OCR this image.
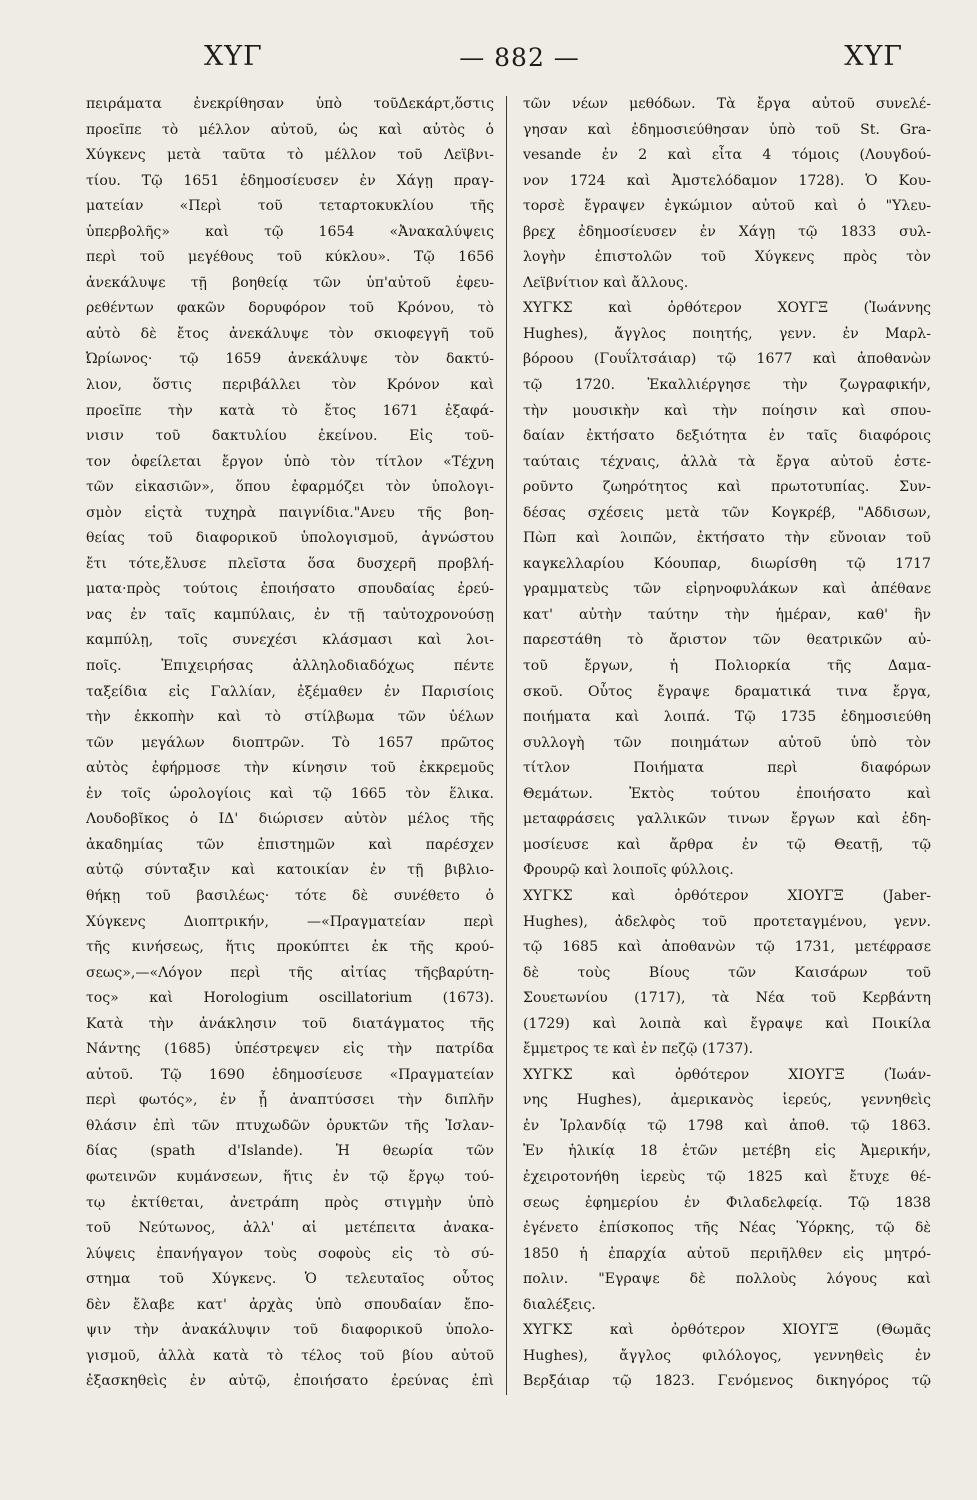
ΧΥΓ	— 882 —	ΧΥΓ
πειράματα ἐνεκρίθησαν ὑπὸ τοῦΔεκάρτ,ὅστις
προεῖπε τὸ μέλλον αὐτοῦ, ὡς καὶ αὐτὸς ὁ
Χύγκενς μετὰ ταῦτα τὸ μέλλον τοῦ Λεϊβνι-
τίου. Τῷ 1651 ἐδημοσίευσεν ἐν Χάγῃ πραγ-
ματείαν «Περὶ τοῦ τεταρτοκυκλίου τῆς
ὑπερβολῆς» καὶ τῷ 1654 «Ἀνακαλύψεις
περὶ τοῦ μεγέθους τοῦ κύκλου». Τῷ 1656
ἀνεκάλυψε τῇ βοηθείᾳ τῶν ὑπ'αὐτοῦ ἐφευ-
ρεθέντων φακῶν δορυφόρον τοῦ Κρόνου, τὸ
αὐτὸ δὲ ἔτος ἀνεκάλυψε τὸν σκιοφεγγῆ τοῦ
Ὠρίωνος· τῷ 1659 ἀνεκάλυψε τὸν δακτύ-
λιον, ὅστις περιβάλλει τὸν Κρόνον καὶ
προεῖπε τὴν κατὰ τὸ ἔτος 1671 ἐξαφά-
νισιν τοῦ δακτυλίου ἐκείνου. Εἰς τοῦ-
τον ὀφείλεται ἔργον ὑπὸ τὸν τίτλον «Τέχνη
τῶν εἰκασιῶν», ὅπου ἐφαρμόζει τὸν ὑπολογι-
σμὸν εἰςτὰ τυχηρὰ παιγνίδια."Ανευ τῆς βοη-
θείας τοῦ διαφορικοῦ ὑπολογισμοῦ, ἀγνώστου
ἔτι τότε,ἔλυσε πλεῖστα ὅσα δυσχερῆ προβλή-
ματα·πρὸς τούτοις ἐποιήσατο σπουδαίας ἐρεύ-
νας ἐν ταῖς καμπύλαις, ἐν τῇ ταὐτοχρονούσῃ
καμπύλῃ, τοῖς συνεχέσι κλάσμασι καὶ λοι-
ποῖς. Ἐπιχειρήσας ἀλληλοδιαδόχως πέντε
ταξείδια εἰς Γαλλίαν, ἐξέμαθεν ἐν Παρισίοις
τὴν ἐκκοπὴν καὶ τὸ στίλβωμα τῶν ὑέλων
τῶν μεγάλων διοπτρῶν. Τὸ 1657 πρῶτος
αὐτὸς ἐφήρμοσε τὴν κίνησιν τοῦ ἐκκρεμοῦς
ἐν τοῖς ὡρολογίοις καὶ τῷ 1665 τὸν ἕλικα.
Λουδοβῖκος ὁ ΙΔ' διώρισεν αὐτὸν μέλος τῆς
ἀκαδημίας τῶν ἐπιστημῶν καὶ παρέσχεν
αὐτῷ σύνταξιν καὶ κατοικίαν ἐν τῇ βιβλιο-
θήκῃ τοῦ βασιλέως· τότε δὲ συνέθετο ὁ
Χύγκενς Διοπτρικήν, —«Πραγματείαν περὶ
τῆς κινήσεως, ἥτις προκύπτει ἐκ τῆς κρού-
σεως»,—«Λόγον περὶ τῆς αἰτίας τῆςβαρύτη-
τος» καὶ Horologium oscillatorium (1673).
Κατὰ τὴν ἀνάκλησιν τοῦ διατάγματος τῆς
Νάντης (1685) ὑπέστρεψεν εἰς τὴν πατρίδα
αὐτοῦ. Τῷ 1690 ἐδημοσίευσε «Πραγματείαν
περὶ φωτός», ἐν ᾗ ἀναπτύσσει τὴν διπλῆν
θλάσιν ἐπὶ τῶν πτυχωδῶν ὀρυκτῶν τῆς Ἰσλαν-
δίας (spath d'Islande). Ἡ θεωρία τῶν
φωτεινῶν κυμάνσεων, ἥτις ἐν τῷ ἔργῳ τού-
τῳ ἐκτίθεται, ἀνετράπη πρὸς στιγμὴν ὑπὸ
τοῦ Νεύτωνος, ἀλλ' αἱ μετέπειτα ἀνακα-
λύψεις ἐπανήγαγον τοὺς σοφοὺς εἰς τὸ σύ-
στημα τοῦ Χύγκενς. Ὁ τελευταῖος οὗτος
δὲν ἔλαβε κατ' ἀρχὰς ὑπὸ σπουδαίαν ἔπο-
ψιν τὴν ἀνακάλυψιν τοῦ διαφορικοῦ ὑπολο-
γισμοῦ, ἀλλὰ κατὰ τὸ τέλος τοῦ βίου αὐτοῦ
ἐξασκηθεὶς ἐν αὐτῷ, ἐποιήσατο ἐρεύνας ἐπὶ
τῶν νέων μεθόδων. Τὰ ἔργα αὐτοῦ συνελέ-
γησαν καὶ ἐδημοσιεύθησαν ὑπὸ τοῦ St. Gra-
vesande ἐν 2 καὶ εἶτα 4 τόμοις (Λουγδού-
νον 1724 καὶ Ἀμστελόδαμον 1728). Ὁ Κου-
τορσὲ ἔγραψεν ἐγκώμιον αὐτοῦ καὶ ὁ "Υλευ-
βρεχ ἐδημοσίευσεν ἐν Χάγῃ τῷ 1833 συλ-
λογὴν ἐπιστολῶν τοῦ Χύγκενς πρὸς τὸν
Λεϊβνίτιον καὶ ἄλλους.
ΧΥΓΚΣ καὶ ὀρθότερον ΧΟΥΓΞ (Ἰωάννης
Hughes), ἄγγλος ποιητής, γενν. ἐν Μαρλ-
βόροου (Γουΐλτσάιαρ) τῷ 1677 καὶ ἀποθανὼν
τῷ 1720. Ἐκαλλιέργησε τὴν ζωγραφικήν,
τὴν μουσικὴν καὶ τὴν ποίησιν καὶ σπου-
δαίαν ἐκτήσατο δεξιότητα ἐν ταῖς διαφόροις
ταύταις τέχναις, ἀλλὰ τὰ ἔργα αὐτοῦ ἐστε-
ροῦντο ζωηρότητος καὶ πρωτοτυπίας. Συν-
δέσας σχέσεις μετὰ τῶν Κογκρέβ, "Αδδισων,
Πὼπ καὶ λοιπῶν, ἐκτήσατο τὴν εὔνοιαν τοῦ
καγκελλαρίου Κόουπαρ, διωρίσθη τῷ 1717
γραμματεὺς τῶν εἰρηνοφυλάκων καὶ ἀπέθανε
κατ' αὐτὴν ταύτην τὴν ἡμέραν, καθ' ἣν
παρεστάθη τὸ ἄριστον τῶν θεατρικῶν αὐ-
τοῦ ἔργων, ἡ Πολιορκία τῆς Δαμα-
σκοῦ. Οὗτος ἔγραψε δραματικά τινα ἔργα,
ποιήματα καὶ λοιπά. Τῷ 1735 ἐδημοσιεύθη
συλλογὴ τῶν ποιημάτων αὐτοῦ ὑπὸ τὸν
τίτλον Ποιήματα περὶ διαφόρων
Θεμάτων. Ἐκτὸς τούτου ἐποιήσατο καὶ
μεταφράσεις γαλλικῶν τινων ἔργων καὶ ἐδη-
μοσίευσε καὶ ἄρθρα ἐν τῷ Θεατῇ, τῷ
Φρουρῷ καὶ λοιποῖς φύλλοις.
ΧΥΓΚΣ καὶ ὀρθότερον ΧΙΟΥΓΞ (Jaber-
Hughes), ἀδελφὸς τοῦ προτεταγμένου, γενν.
τῷ 1685 καὶ ἀποθανὼν τῷ 1731, μετέφρασε
δὲ τοὺς Βίους τῶν Καισάρων τοῦ
Σουετωνίου (1717), τὰ Νέα τοῦ Κερβάντη
(1729) καὶ λοιπὰ καὶ ἔγραψε καὶ Ποικίλα
ἔμμετρος τε καὶ ἐν πεζῷ (1737).
ΧΥΓΚΣ καὶ ὀρθότερον ΧΙΟΥΓΞ (Ἰωάν-
νης Hughes), ἀμερικανὸς ἱερεύς, γεννηθεὶς
ἐν Ἰρλανδίᾳ τῷ 1798 καὶ ἀποθ. τῷ 1863.
Ἐν ἡλικίᾳ 18 ἐτῶν μετέβη εἰς Ἀμερικήν,
ἐχειροτονήθη ἱερεὺς τῷ 1825 καὶ ἔτυχε θέ-
σεως ἐφημερίου ἐν Φιλαδελφείᾳ. Τῷ 1838
ἐγένετο ἐπίσκοπος τῆς Νέας Ὑόρκης, τῷ δὲ
1850 ἡ ἐπαρχία αὐτοῦ περιῆλθεν εἰς μητρό-
πολιν. "Εγραψε δὲ πολλοὺς λόγους καὶ
διαλέξεις.
ΧΥΓΚΣ καὶ ὀρθότερον ΧΙΟΥΓΞ (Θωμᾶς
Hughes), ἄγγλος φιλόλογος, γεννηθεὶς ἐν
Βερξάιαρ τῷ 1823. Γενόμενος δικηγόρος τῷ
